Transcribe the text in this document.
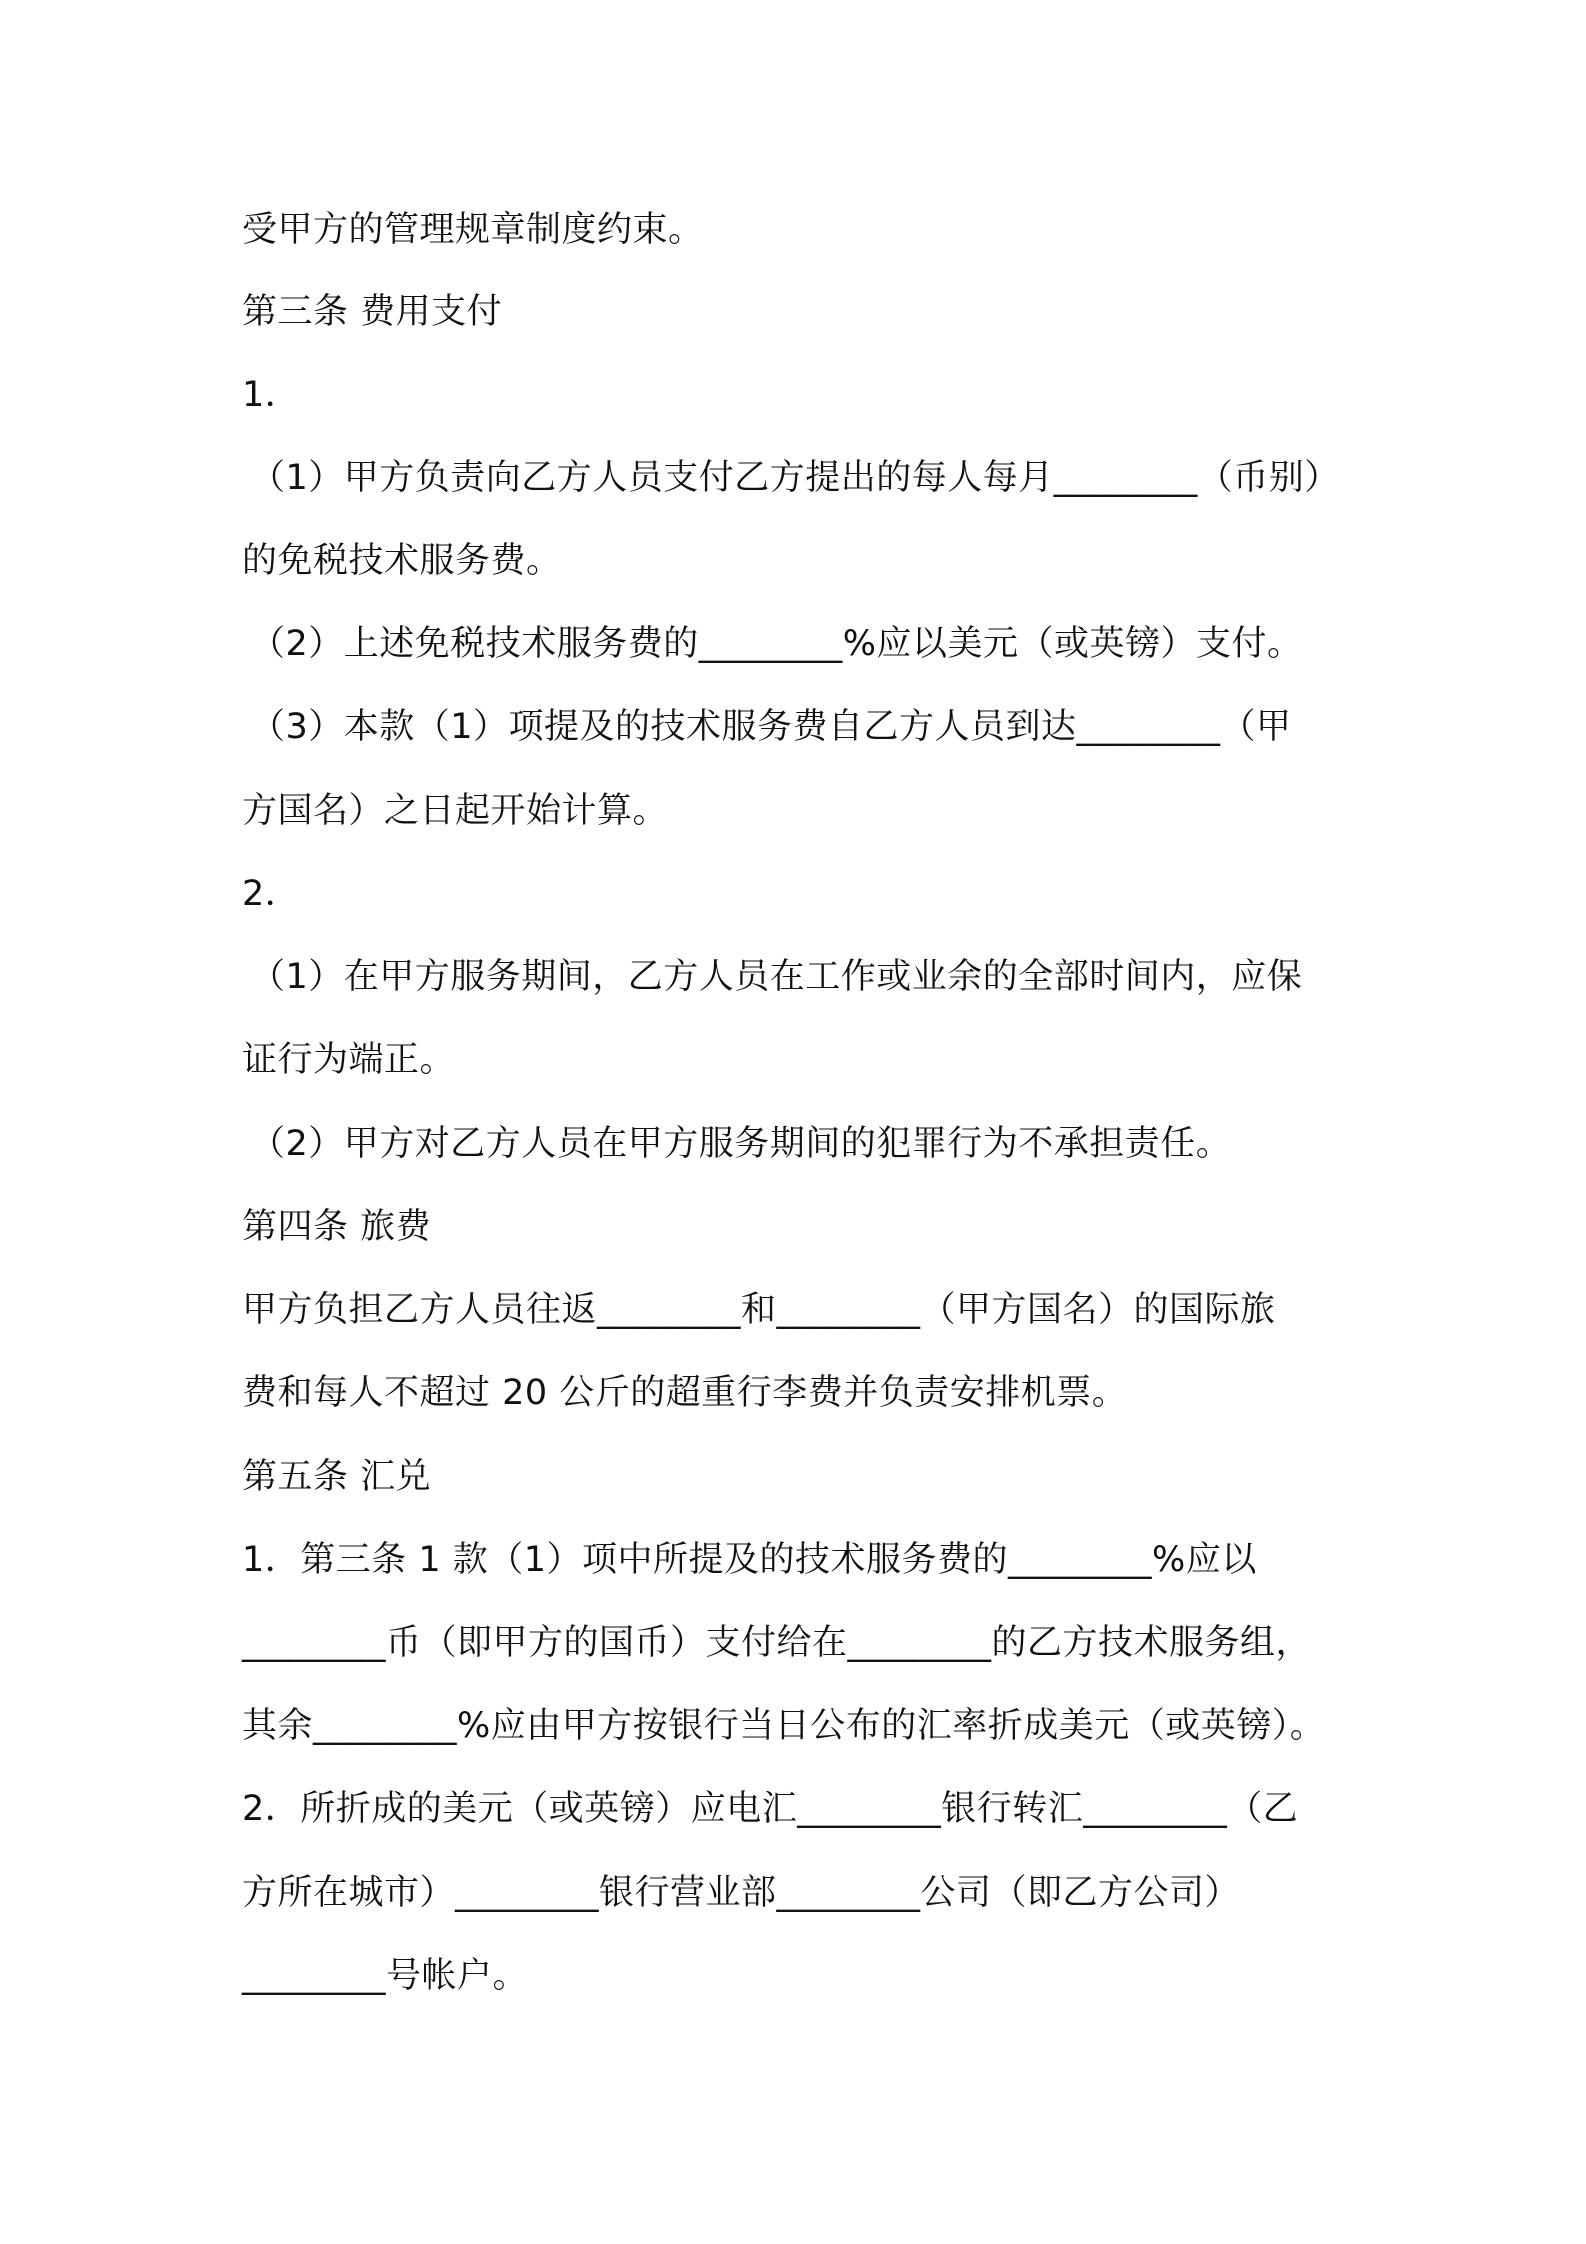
受甲方的管理规章制度约束。
第三条 费用支付
1．
（1）甲方负责向乙方人员支付乙方提出的每人每月________（币别）
的免税技术服务费。
（2）上述免税技术服务费的________%应以美元（或英镑）支付。
（3）本款（1）项提及的技术服务费自乙方人员到达________（甲
方国名）之日起开始计算。
2．
（1）在甲方服务期间，乙方人员在工作或业余的全部时间内，应保
证行为端正。
（2）甲方对乙方人员在甲方服务期间的犯罪行为不承担责任。
第四条 旅费
甲方负担乙方人员往返________和________（甲方国名）的国际旅
费和每人不超过 20 公斤的超重行李费并负责安排机票。
第五条 汇兑
1．第三条 1 款（1）项中所提及的技术服务费的________%应以
________币（即甲方的国币）支付给在________的乙方技术服务组，
其余________%应由甲方按银行当日公布的汇率折成美元（或英镑）。
2．所折成的美元（或英镑）应电汇________银行转汇________（乙
方所在城市）________银行营业部________公司（即乙方公司）
________号帐户。
